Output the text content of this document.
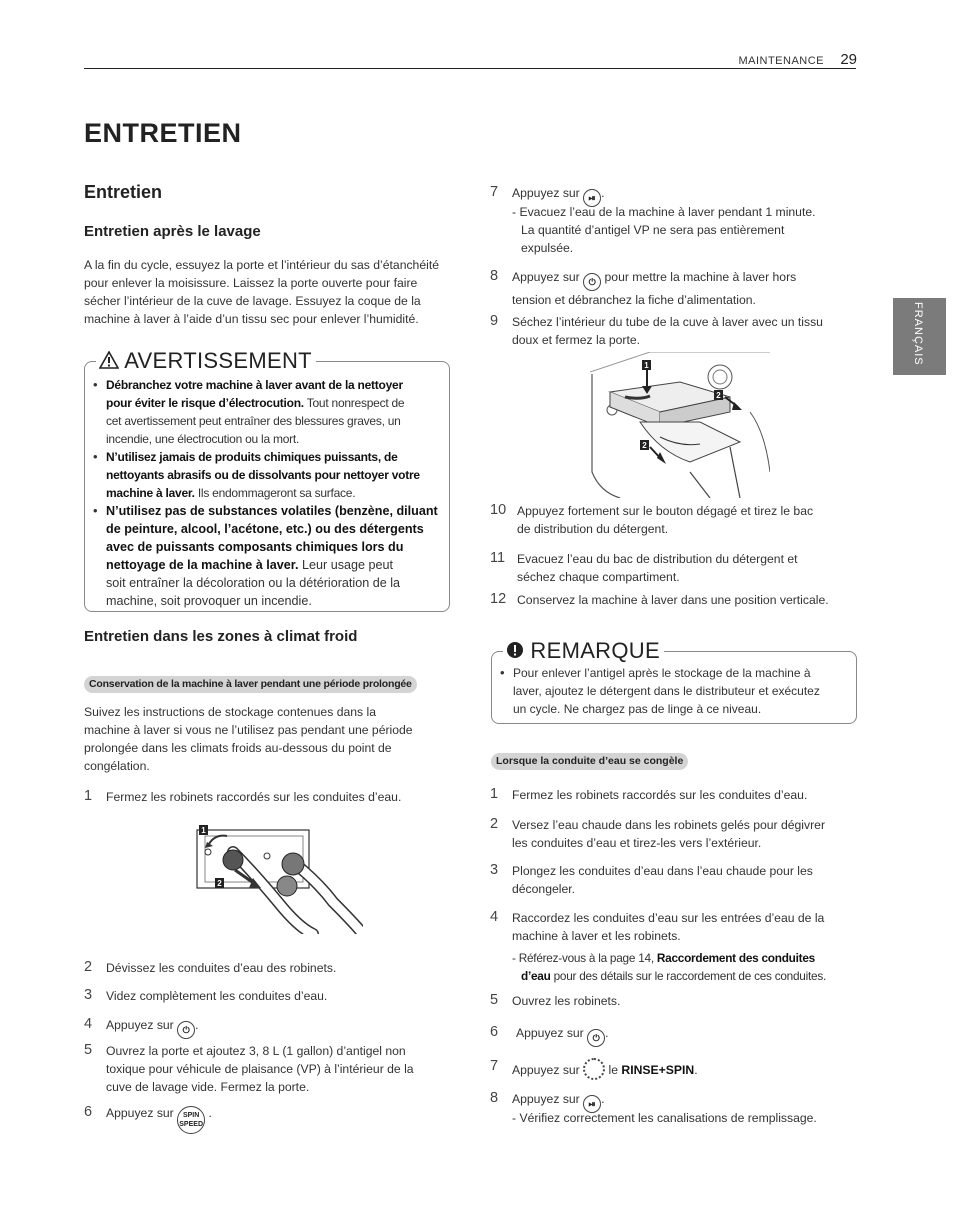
MAINTENANCE 29
FRANÇAIS
ENTRETIEN
Entretien
Entretien après le lavage
A la fin du cycle, essuyez la porte et l’intérieur du sas d’étanchéité
pour enlever la moisissure. Laissez la porte ouverte pour faire
sécher l’intérieur de la cuve de lavage. Essuyez la coque de la
machine à laver à l’aide d’un tissu sec pour enlever l’humidité.
AVERTISSEMENT
• Débranchez votre machine à laver avant de la nettoyer
pour éviter le risque d’électrocution. Tout nonrespect de
cet avertissement peut entraîner des blessures graves, un
incendie, une électrocution ou la mort.
• N’utilisez jamais de produits chimiques puissants, de
nettoyants abrasifs ou de dissolvants pour nettoyer votre
machine à laver. Ils endommageront sa surface.
• N’utilisez pas de substances volatiles (benzène, diluant
de peinture, alcool, l’acétone, etc.) ou des détergents
avec de puissants composants chimiques lors du
nettoyage de la machine à laver. Leur usage peut
soit entraîner la décoloration ou la détérioration de la
machine, soit provoquer un incendie.
Entretien dans les zones à climat froid
Conservation de la machine à laver pendant une période prolongée
Suivez les instructions de stockage contenues dans la
machine à laver si vous ne l’utilisez pas pendant une période
prolongée dans les climats froids au-dessous du point de
congélation.
1 Fermez les robinets raccordés sur les conduites d’eau.
1
2
2 Dévissez les conduites d’eau des robinets.
3 Videz complètement les conduites d’eau.
4 Appuyez sur ⏻ .
5 Ouvrez la porte et ajoutez 3, 8 L (1 gallon) d’antigel non
toxique pour véhicule de plaisance (VP) à l’intérieur de la
cuve de lavage vide. Fermez la porte.
6 Appuyez sur SPIN
SPEED .
7 Appuyez sur ⏯ .
- Evacuez l’eau de la machine à laver pendant 1 minute.
La quantité d’antigel VP ne sera pas entièrement
expulsée.
8 Appuyez sur ⏻ pour mettre la machine à laver hors
tension et débranchez la fiche d’alimentation.
9 Séchez l’intérieur du tube de la cuve à laver avec un tissu
doux et fermez la porte.
1
2
2
10 Appuyez fortement sur le bouton dégagé et tirez le bac
de distribution du détergent.
11 Evacuez l’eau du bac de distribution du détergent et
séchez chaque compartiment.
12 Conservez la machine à laver dans une position verticale.
REMARQUE
• Pour enlever l’antigel après le stockage de la machine à
laver, ajoutez le détergent dans le distributeur et exécutez
un cycle. Ne chargez pas de linge à ce niveau.
Lorsque la conduite d’eau se congèle
1 Fermez les robinets raccordés sur les conduites d’eau.
2 Versez l’eau chaude dans les robinets gelés pour dégivrer
les conduites d’eau et tirez-les vers l’extérieur.
3 Plongez les conduites d’eau dans l’eau chaude pour les
décongeler.
4 Raccordez les conduites d’eau sur les entrées d’eau de la
machine à laver et les robinets.
- Référez-vous à la page 14, Raccordement des conduites
d’eau pour des détails sur le raccordement de ces conduites.
5 Ouvrez les robinets.
6 Appuyez sur ⏻ .
7 Appuyez sur le RINSE+SPIN.
8 Appuyez sur ⏯ .
- Vérifiez correctement les canalisations de remplissage.
